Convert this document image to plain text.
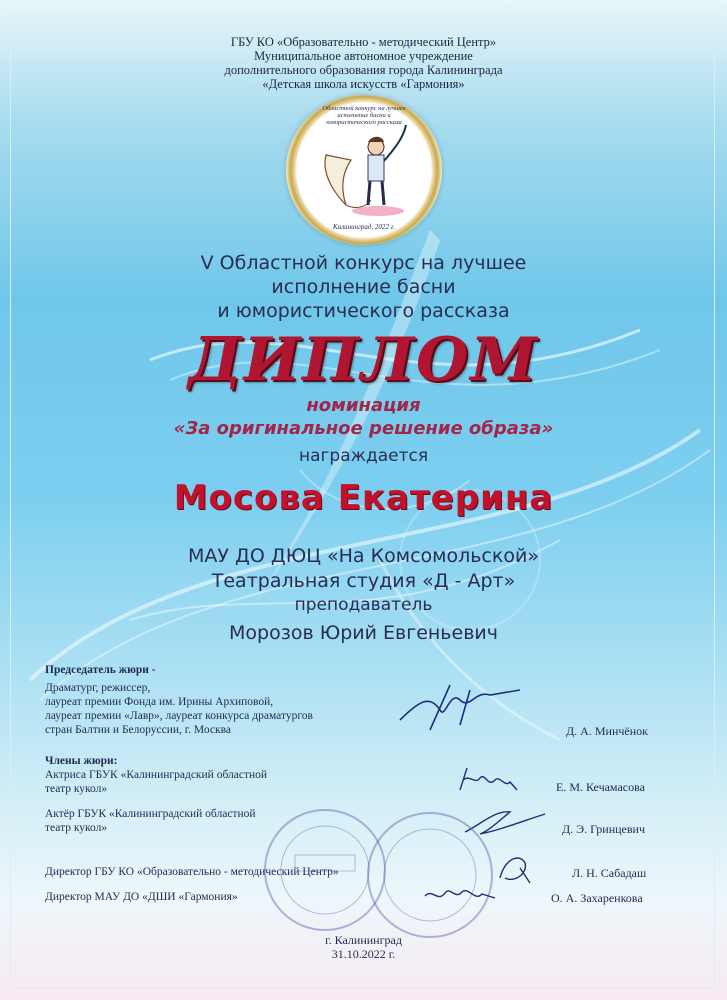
ГБУ КО «Образовательно - методический Центр»
Муниципальное автономное учреждение
дополнительного образования города Калининграда
«Детская школа искусств «Гармония»
Областной конкурс на лучшее исполнение басни и юмористического рассказа
Калининград, 2022 г.
V Областной конкурс на лучшее
исполнение басни
и юмористического рассказа
ДИПЛОМ
номинация
«За оригинальное решение образа»
награждается
Мосова Екатерина
МАУ ДО ДЮЦ «На Комсомольской»
Театральная студия «Д - Арт»
преподаватель
Морозов Юрий Евгеньевич
Председатель жюри -
Драматург, режиссер,
лауреат премии Фонда им. Ирины Архиповой,
лауреат премии «Лавр», лауреат конкурса драматургов
стран Балтии и Белоруссии, г. Москва	Д. А. Минчёнок
Члены жюри:
Актриса ГБУК «Калининградский областной
театр кукол»	Е. М. Кечамасова
Актёр ГБУК «Калининградский областной
театр кукол»	Д. Э. Гринцевич
Директор ГБУ КО «Образовательно - методический Центр»	Л. Н. Сабадаш
Директор МАУ ДО «ДШИ «Гармония»	О. А. Захаренкова
г. Калининград
31.10.2022 г.
